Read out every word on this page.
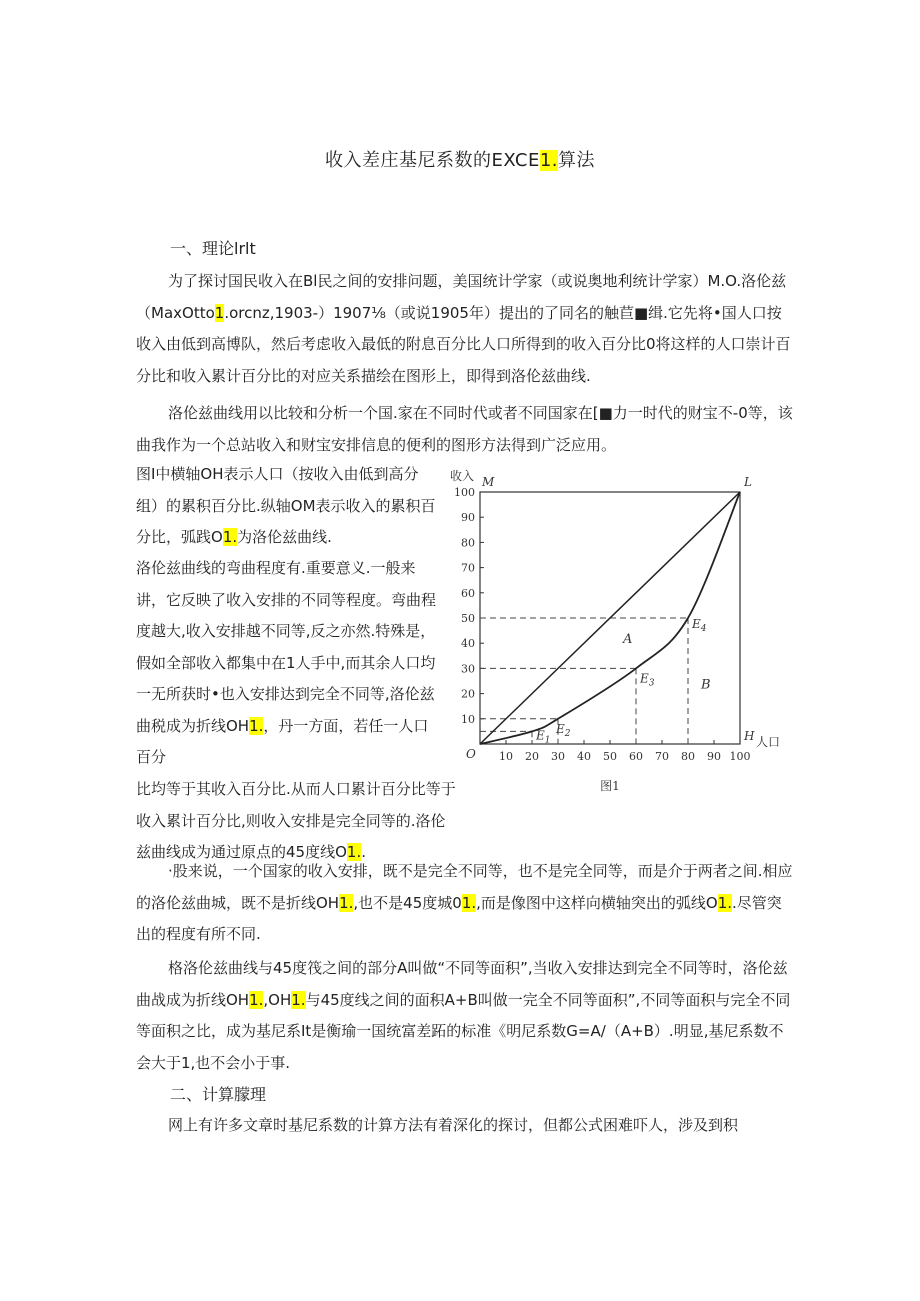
收入差庄基尼系数的EXCE1.算法
一、理论lrlt

为了探讨国民收入在Bl民之间的安排问题，美国统计学家（或说奥地利统计学家）M.O.洛伦兹（MaxOtto1.orcnz,1903-）1907⅛（或说1905年）提出的了同名的触苣■缉.它先将•国人口按收入由低到高博队，然后考虑收入最低的附息百分比人口所得到的收入百分比0将这样的人口崇计百分比和收入累计百分比的对应关系描绘在图形上，即得到洛伦兹曲线.

洛伦兹曲线用以比较和分析一个国.家在不同时代或者不同国家在[■力一时代的财宝不-0等，该曲我作为一个总站收入和财宝安排信息的便利的图形方法得到广泛应用。

图I中横轴OH表示人口（按收入由低到高分组）的累积百分比.纵轴OM表示收入的累积百分比，弧践O1.为洛伦兹曲线.

洛伦兹曲线的弯曲程度有.重要意义.一般来讲，它反映了收入安排的不同等程度。弯曲程度越大,收入安排越不同等,反之亦然.特殊是，假如全部收入都集中在1人手中,而其余人口均一无所获时•也入安排达到完全不同等,洛伦兹曲税成为折线OH1.，丹一方面，若任一人口百分

比均等于其收入百分比.从而人口累计百分比等于收入累计百分比,则收入安排是完全同等的.洛伦兹曲线成为通过原点的45度线O1..

10
20
30
40
50
60
70
80
90
100
10 20 30 40 50 60 70 80 90 100
收入
人口
O
M	L
H
$E_1$
$E_2$
$E_3$
$E_4$
A
B
图1

·股来说，一个国家的收入安排，既不是完全不同等，也不是完全同等，而是介于两者之间.相应的洛伦兹曲城，既不是折线OH1.,也不是45度城01.,而是像图中这样向横轴突出的弧线O1..尽管突出的程度有所不同.

格洛伦兹曲线与45度筏之间的部分A叫做“不同等面积”,当收入安排达到完全不同等时，洛伦兹曲战成为折线OH1.,OH1.与45度线之间的面积A+B叫做一完全不同等面积”,不同等面积与完全不同等面积之比，成为基尼系It是衡瑜一国统富差跖的标准《明尼系数G=A∕（A+B）.明显,基尼系数不会大于1,也不会小于事.

二、计算朦理

网上有许多文章时基尼系数的计算方法有着深化的探讨，但都公式困难吓人，涉及到积
